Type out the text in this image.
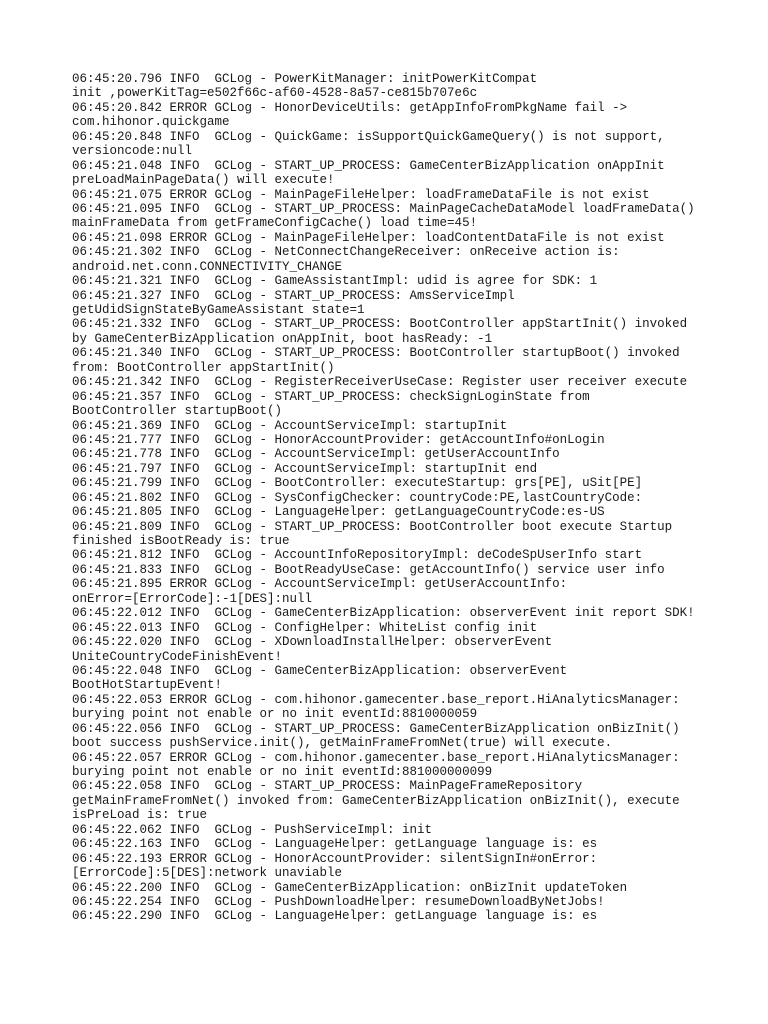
06:45:20.796 INFO  GCLog - PowerKitManager: initPowerKitCompat
init ,powerKitTag=e502f66c-af60-4528-8a57-ce815b707e6c
06:45:20.842 ERROR GCLog - HonorDeviceUtils: getAppInfoFromPkgName fail ->
com.hihonor.quickgame
06:45:20.848 INFO  GCLog - QuickGame: isSupportQuickGameQuery() is not support,
versioncode:null
06:45:21.048 INFO  GCLog - START_UP_PROCESS: GameCenterBizApplication onAppInit
preLoadMainPageData() will execute!
06:45:21.075 ERROR GCLog - MainPageFileHelper: loadFrameDataFile is not exist
06:45:21.095 INFO  GCLog - START_UP_PROCESS: MainPageCacheDataModel loadFrameData()
mainFrameData from getFrameConfigCache() load time=45!
06:45:21.098 ERROR GCLog - MainPageFileHelper: loadContentDataFile is not exist
06:45:21.302 INFO  GCLog - NetConnectChangeReceiver: onReceive action is:
android.net.conn.CONNECTIVITY_CHANGE
06:45:21.321 INFO  GCLog - GameAssistantImpl: udid is agree for SDK: 1
06:45:21.327 INFO  GCLog - START_UP_PROCESS: AmsServiceImpl
getUdidSignStateByGameAssistant state=1
06:45:21.332 INFO  GCLog - START_UP_PROCESS: BootController appStartInit() invoked
by GameCenterBizApplication onAppInit, boot hasReady: -1
06:45:21.340 INFO  GCLog - START_UP_PROCESS: BootController startupBoot() invoked
from: BootController appStartInit()
06:45:21.342 INFO  GCLog - RegisterReceiverUseCase: Register user receiver execute
06:45:21.357 INFO  GCLog - START_UP_PROCESS: checkSignLoginState from
BootController startupBoot()
06:45:21.369 INFO  GCLog - AccountServiceImpl: startupInit
06:45:21.777 INFO  GCLog - HonorAccountProvider: getAccountInfo#onLogin
06:45:21.778 INFO  GCLog - AccountServiceImpl: getUserAccountInfo
06:45:21.797 INFO  GCLog - AccountServiceImpl: startupInit end
06:45:21.799 INFO  GCLog - BootController: executeStartup: grs[PE], uSit[PE]
06:45:21.802 INFO  GCLog - SysConfigChecker: countryCode:PE,lastCountryCode:
06:45:21.805 INFO  GCLog - LanguageHelper: getLanguageCountryCode:es-US
06:45:21.809 INFO  GCLog - START_UP_PROCESS: BootController boot execute Startup
finished isBootReady is: true
06:45:21.812 INFO  GCLog - AccountInfoRepositoryImpl: deCodeSpUserInfo start
06:45:21.833 INFO  GCLog - BootReadyUseCase: getAccountInfo() service user info
06:45:21.895 ERROR GCLog - AccountServiceImpl: getUserAccountInfo:
onError=[ErrorCode]:-1[DES]:null
06:45:22.012 INFO  GCLog - GameCenterBizApplication: observerEvent init report SDK!
06:45:22.013 INFO  GCLog - ConfigHelper: WhiteList config init
06:45:22.020 INFO  GCLog - XDownloadInstallHelper: observerEvent
UniteCountryCodeFinishEvent!
06:45:22.048 INFO  GCLog - GameCenterBizApplication: observerEvent
BootHotStartupEvent!
06:45:22.053 ERROR GCLog - com.hihonor.gamecenter.base_report.HiAnalyticsManager:
burying point not enable or no init eventId:8810000059
06:45:22.056 INFO  GCLog - START_UP_PROCESS: GameCenterBizApplication onBizInit()
boot success pushService.init(), getMainFrameFromNet(true) will execute.
06:45:22.057 ERROR GCLog - com.hihonor.gamecenter.base_report.HiAnalyticsManager:
burying point not enable or no init eventId:881000000099
06:45:22.058 INFO  GCLog - START_UP_PROCESS: MainPageFrameRepository
getMainFrameFromNet() invoked from: GameCenterBizApplication onBizInit(), execute
isPreLoad is: true
06:45:22.062 INFO  GCLog - PushServiceImpl: init
06:45:22.163 INFO  GCLog - LanguageHelper: getLanguage language is: es
06:45:22.193 ERROR GCLog - HonorAccountProvider: silentSignIn#onError:
[ErrorCode]:5[DES]:network unaviable
06:45:22.200 INFO  GCLog - GameCenterBizApplication: onBizInit updateToken
06:45:22.254 INFO  GCLog - PushDownloadHelper: resumeDownloadByNetJobs!
06:45:22.290 INFO  GCLog - LanguageHelper: getLanguage language is: es
